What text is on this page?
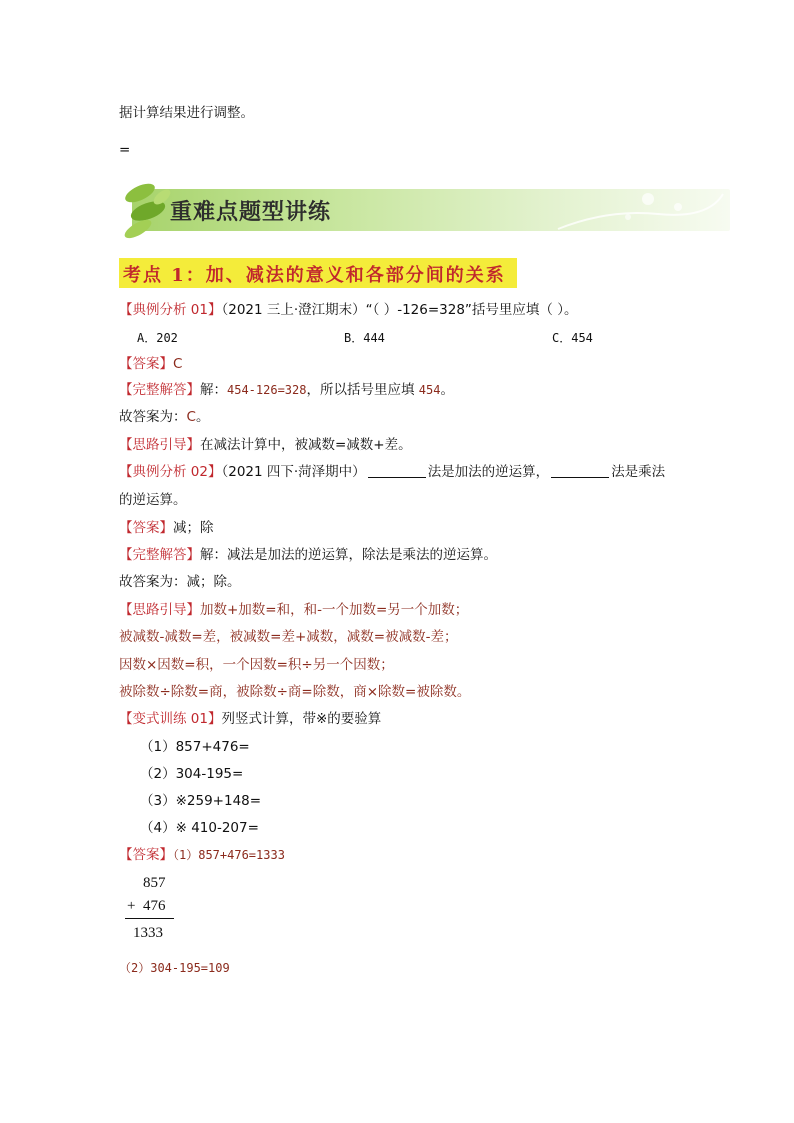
据计算结果进行调整。
=
重难点题型讲练
考点 1：加、减法的意义和各部分间的关系
【典例分析 01】（2021 三上·澄江期末）“（ ）-126=328”括号里应填（ ）。
A．202	B．444	C．454
【答案】C
【完整解答】解：454-126=328，所以括号里应填 454。
故答案为：C。
【思路引导】在减法计算中，被减数=减数+差。
【典例分析 02】（2021 四下·菏泽期中）	法是加法的逆运算，	法是乘法
的逆运算。
【答案】减；除
【完整解答】解：减法是加法的逆运算，除法是乘法的逆运算。
故答案为：减；除。
【思路引导】加数+加数=和，和-一个加数=另一个加数；
被减数-减数=差，被减数=差+减数，减数=被减数-差；
因数×因数=积，一个因数=积÷另一个因数；
被除数÷除数=商，被除数÷商=除数，商×除数=被除数。
【变式训练 01】列竖式计算，带※的要验算
（1）857+476=
（2）304-195=
（3）※259+148=
（4）※ 410-207=
【答案】（1）857+476=1333
857
+ 476
1333
（2）304-195=109
